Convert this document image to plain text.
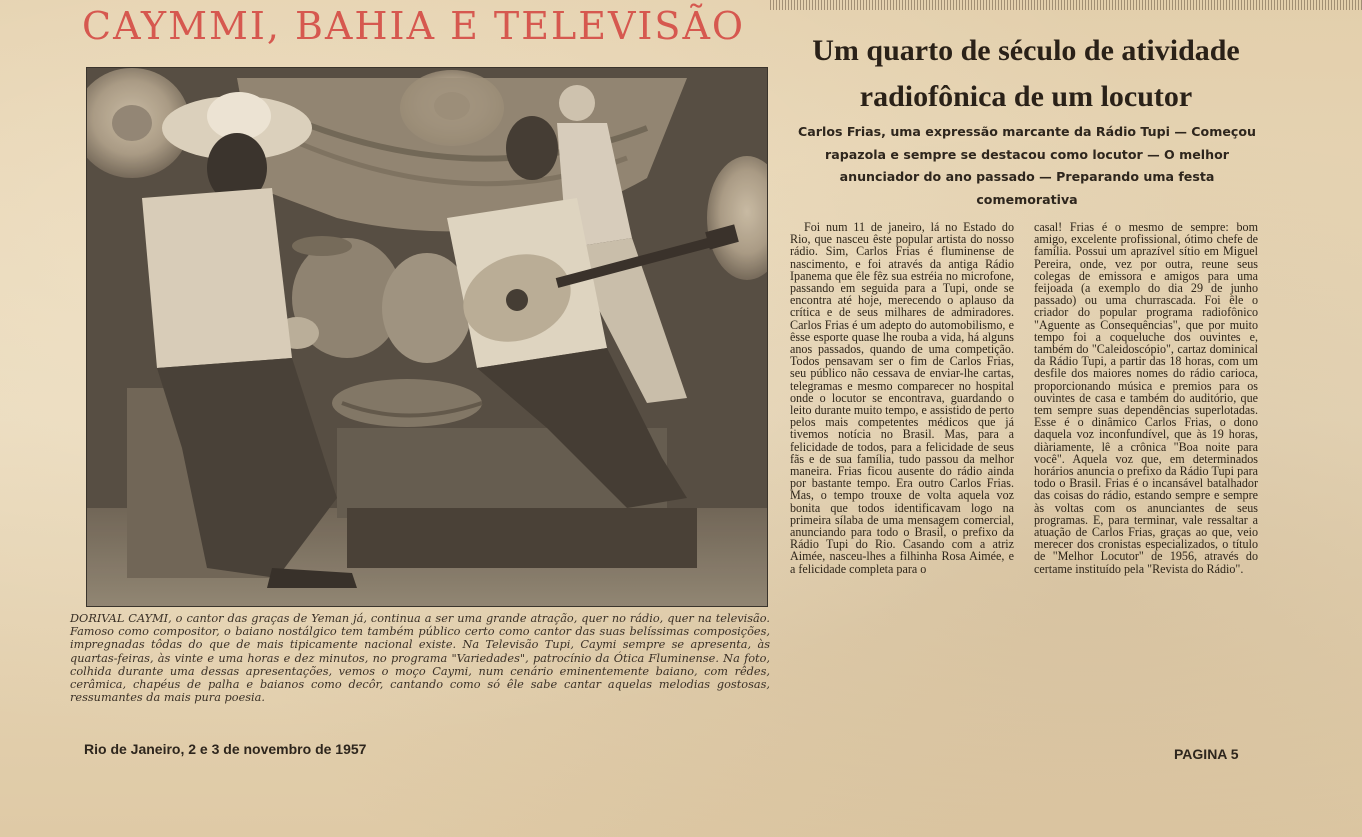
CAYMMI, BAHIA E TELEVISÃO

DORIVAL CAYMI, o cantor das graças de Yeman já, continua a ser uma grande atração, quer no rádio, quer na televisão. Famoso como compositor, o baiano nostálgico tem também público certo como cantor das suas belíssimas composições, impregnadas tôdas do que de mais tipicamente nacional existe. Na Televisão Tupi, Caymi sempre se apresenta, às quartas-feiras, às vinte e uma horas e dez minutos, no programa "Variedades", patrocínio da Ótica Fluminense. Na foto, colhida durante uma dessas apresentações, vemos o moço Caymi, num cenário eminentemente baiano, com rêdes, cerâmica, chapéus de palha e baianos como decôr, cantando como só êle sabe cantar aquelas melodias gostosas, ressumantes da mais pura poesia.

Rio de Janeiro, 2 e 3 de novembro de 1957

Um quarto de século de atividade radiofônica de um locutor

Carlos Frias, uma expressão marcante da Rádio Tupi — Começou rapazola e sempre se destacou como locutor — O melhor anunciador do ano passado — Preparando uma festa comemorativa

Foi num 11 de janeiro, lá no Estado do Rio, que nasceu êste popular artista do nosso rádio. Sim, Carlos Frias é fluminense de nascimento, e foi através da antiga Rádio Ipanema que êle fêz sua estréia no microfone, passando em seguida para a Tupi, onde se encontra até hoje, merecendo o aplauso da crítica e de seus milhares de admiradores. Carlos Frias é um adepto do automobilismo, e êsse esporte quase lhe rouba a vida, há alguns anos passados, quando de uma competição. Todos pensavam ser o fim de Carlos Frias, seu público não cessava de enviar-lhe cartas, telegramas e mesmo comparecer no hospital onde o locutor se encontrava, guardando o leito durante muito tempo, e assistido de perto pelos mais competentes médicos que já tivemos notícia no Brasil. Mas, para a felicidade de todos, para a felicidade de seus fãs e de sua família, tudo passou da melhor maneira. Frias ficou ausente do rádio ainda por bastante tempo. Era outro Carlos Frias. Mas, o tempo trouxe de volta aquela voz bonita que todos identificavam logo na primeira sílaba de uma mensagem comercial, anunciando para todo o Brasil, o prefixo da Rádio Tupi do Rio. Casando com a atriz Aimée, nasceu-lhes a filhinha Rosa Aimée, e a felicidade completa para o

casal! Frias é o mesmo de sempre: bom amigo, excelente profissional, ótimo chefe de família. Possui um aprazível sítio em Miguel Pereira, onde, vez por outra, reune seus colegas de emissora e amigos para uma feijoada (a exemplo do dia 29 de junho passado) ou uma churrascada. Foi êle o criador do popular programa radiofônico "Aguente as Consequências", que por muito tempo foi a coqueluche dos ouvintes e, também do "Caleidoscópio", cartaz dominical da Rádio Tupi, a partir das 18 horas, com um desfile dos maiores nomes do rádio carioca, proporcionando música e premios para os ouvintes de casa e também do auditório, que tem sempre suas dependências superlotadas. Esse é o dinâmico Carlos Frias, o dono daquela voz inconfundível, que às 19 horas, diàriamente, lê a crônica "Boa noite para você". Aquela voz que, em determinados horários anuncia o prefixo da Rádio Tupi para todo o Brasil. Frias é o incansável batalhador das coisas do rádio, estando sempre e sempre às voltas com os anunciantes de seus programas. E, para terminar, vale ressaltar a atuação de Carlos Frias, graças ao que, veio merecer dos cronistas especializados, o título de "Melhor Locutor" de 1956, através do certame instituído pela "Revista do Rádio".

PAGINA 5
